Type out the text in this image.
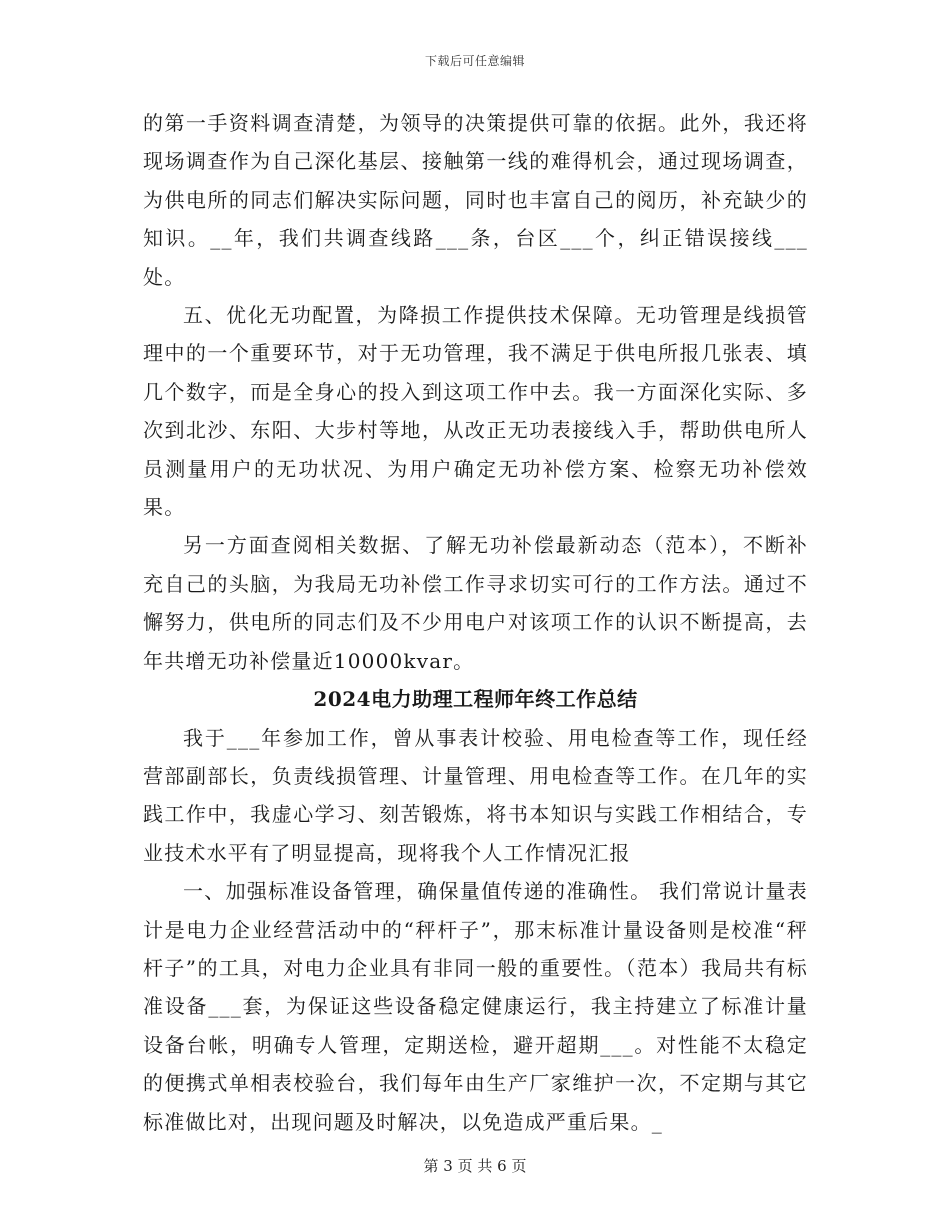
下载后可任意编辑

的第一手资料调查清楚，为领导的决策提供可靠的依据。此外，我还将现场调查作为自己深化基层、接触第一线的难得机会，通过现场调查，为供电所的同志们解决实际问题，同时也丰富自己的阅历，补充缺少的知识。__年，我们共调查线路___条，台区___个，纠正错误接线___处。

五、优化无功配置，为降损工作提供技术保障。无功管理是线损管理中的一个重要环节，对于无功管理，我不满足于供电所报几张表、填几个数字，而是全身心的投入到这项工作中去。我一方面深化实际、多次到北沙、东阳、大步村等地，从改正无功表接线入手，帮助供电所人员测量用户的无功状况、为用户确定无功补偿方案、检察无功补偿效果。

另一方面查阅相关数据、了解无功补偿最新动态（范本），不断补充自己的头脑，为我局无功补偿工作寻求切实可行的工作方法。通过不懈努力，供电所的同志们及不少用电户对该项工作的认识不断提高，去年共增无功补偿量近10000kvar。

2024电力助理工程师年终工作总结

我于___年参加工作，曾从事表计校验、用电检查等工作，现任经营部副部长，负责线损管理、计量管理、用电检查等工作。在几年的实践工作中，我虚心学习、刻苦锻炼，将书本知识与实践工作相结合，专业技术水平有了明显提高，现将我个人工作情况汇报

一、加强标准设备管理，确保量值传递的准确性。 我们常说计量表计是电力企业经营活动中的“秤杆子”，那末标准计量设备则是校准“秤杆子”的工具，对电力企业具有非同一般的重要性。（范本）我局共有标准设备___套，为保证这些设备稳定健康运行，我主持建立了标准计量设备台帐，明确专人管理，定期送检，避开超期___。对性能不太稳定的便携式单相表校验台，我们每年由生产厂家维护一次，不定期与其它标准做比对，出现问题及时解决，以免造成严重后果。_

第 3 页 共 6 页
